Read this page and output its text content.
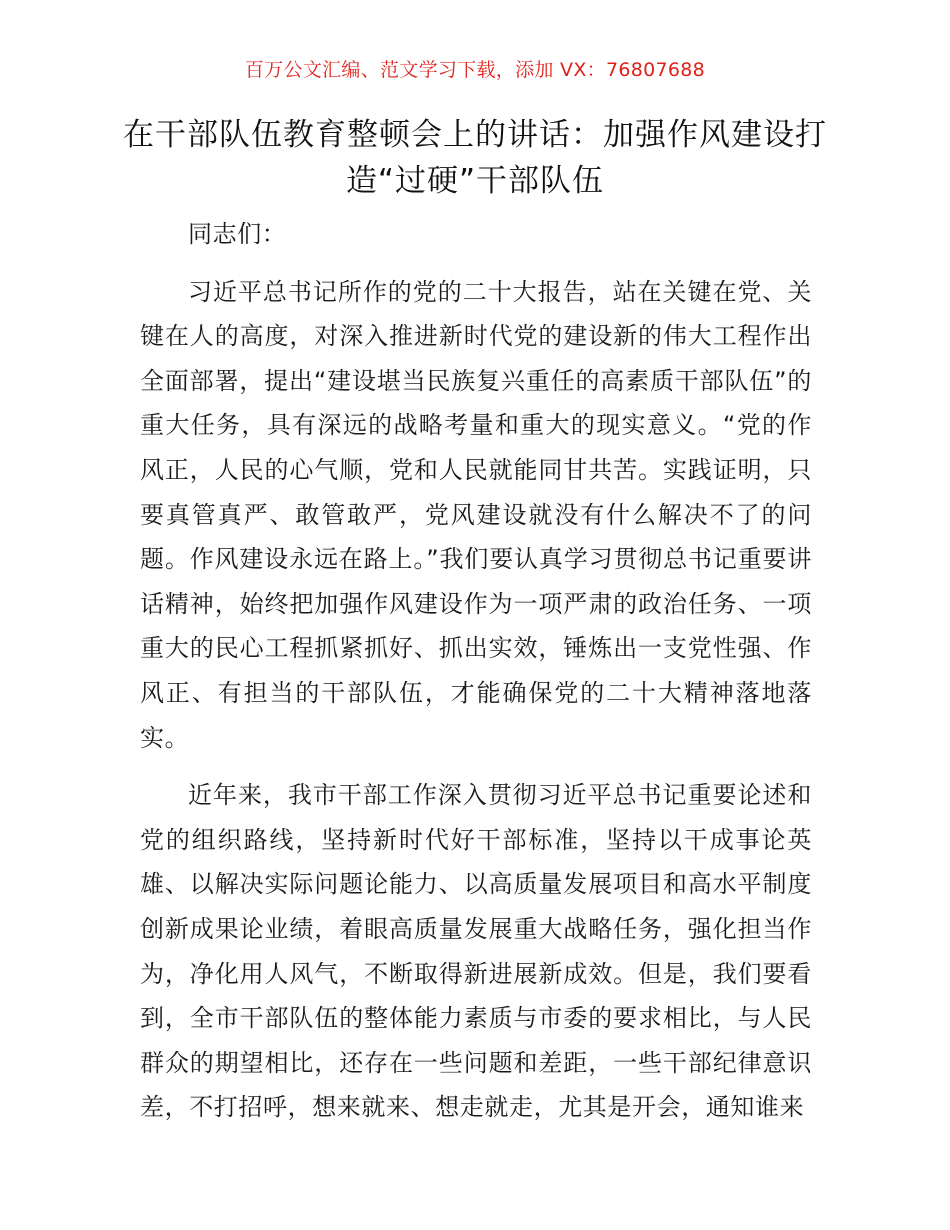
百万公文汇编、范文学习下载，添加 VX：76807688
在干部队伍教育整顿会上的讲话：加强作风建设打造“过硬”干部队伍

同志们：

习近平总书记所作的党的二十大报告，站在关键在党、关键在人的高度，对深入推进新时代党的建设新的伟大工程作出全面部署，提出“建设堪当民族复兴重任的高素质干部队伍”的重大任务，具有深远的战略考量和重大的现实意义。“党的作风正，人民的心气顺，党和人民就能同甘共苦。实践证明，只要真管真严、敢管敢严，党风建设就没有什么解决不了的问题。作风建设永远在路上。”我们要认真学习贯彻总书记重要讲话精神，始终把加强作风建设作为一项严肃的政治任务、一项重大的民心工程抓紧抓好、抓出实效，锤炼出一支党性强、作风正、有担当的干部队伍，才能确保党的二十大精神落地落实。

近年来，我市干部工作深入贯彻习近平总书记重要论述和党的组织路线，坚持新时代好干部标准，坚持以干成事论英雄、以解决实际问题论能力、以高质量发展项目和高水平制度创新成果论业绩，着眼高质量发展重大战略任务，强化担当作为，净化用人风气，不断取得新进展新成效。但是，我们要看到，全市干部队伍的整体能力素质与市委的要求相比，与人民群众的期望相比，还存在一些问题和差距，一些干部纪律意识差，不打招呼，想来就来、想走就走，尤其是开会，通知谁来
